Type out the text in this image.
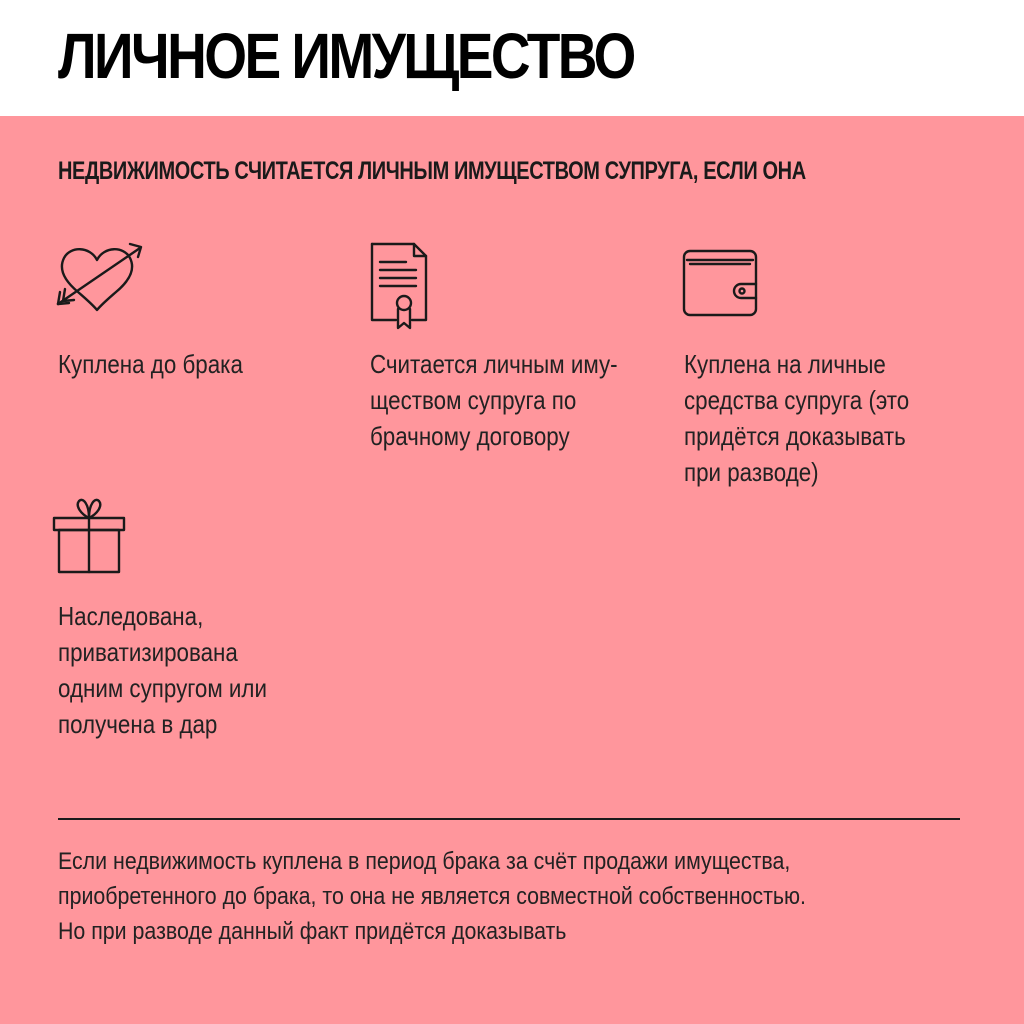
ЛИЧНОЕ ИМУЩЕСТВО
НЕДВИЖИМОСТЬ СЧИТАЕТСЯ ЛИЧНЫМ ИМУЩЕСТВОМ СУПРУГА, ЕСЛИ ОНА

Куплена до брака	Считается личным иму-
ществом супруга по
брачному договору

Куплена на личные
средства супруга (это
придётся доказывать
при разводе)

Наследована,
приватизирована
одним супругом или
получена в дар

Если недвижимость куплена в период брака за счёт продажи имущества,
приобретенного до брака, то она не является совместной собственностью.
Но при разводе данный факт придётся доказывать
